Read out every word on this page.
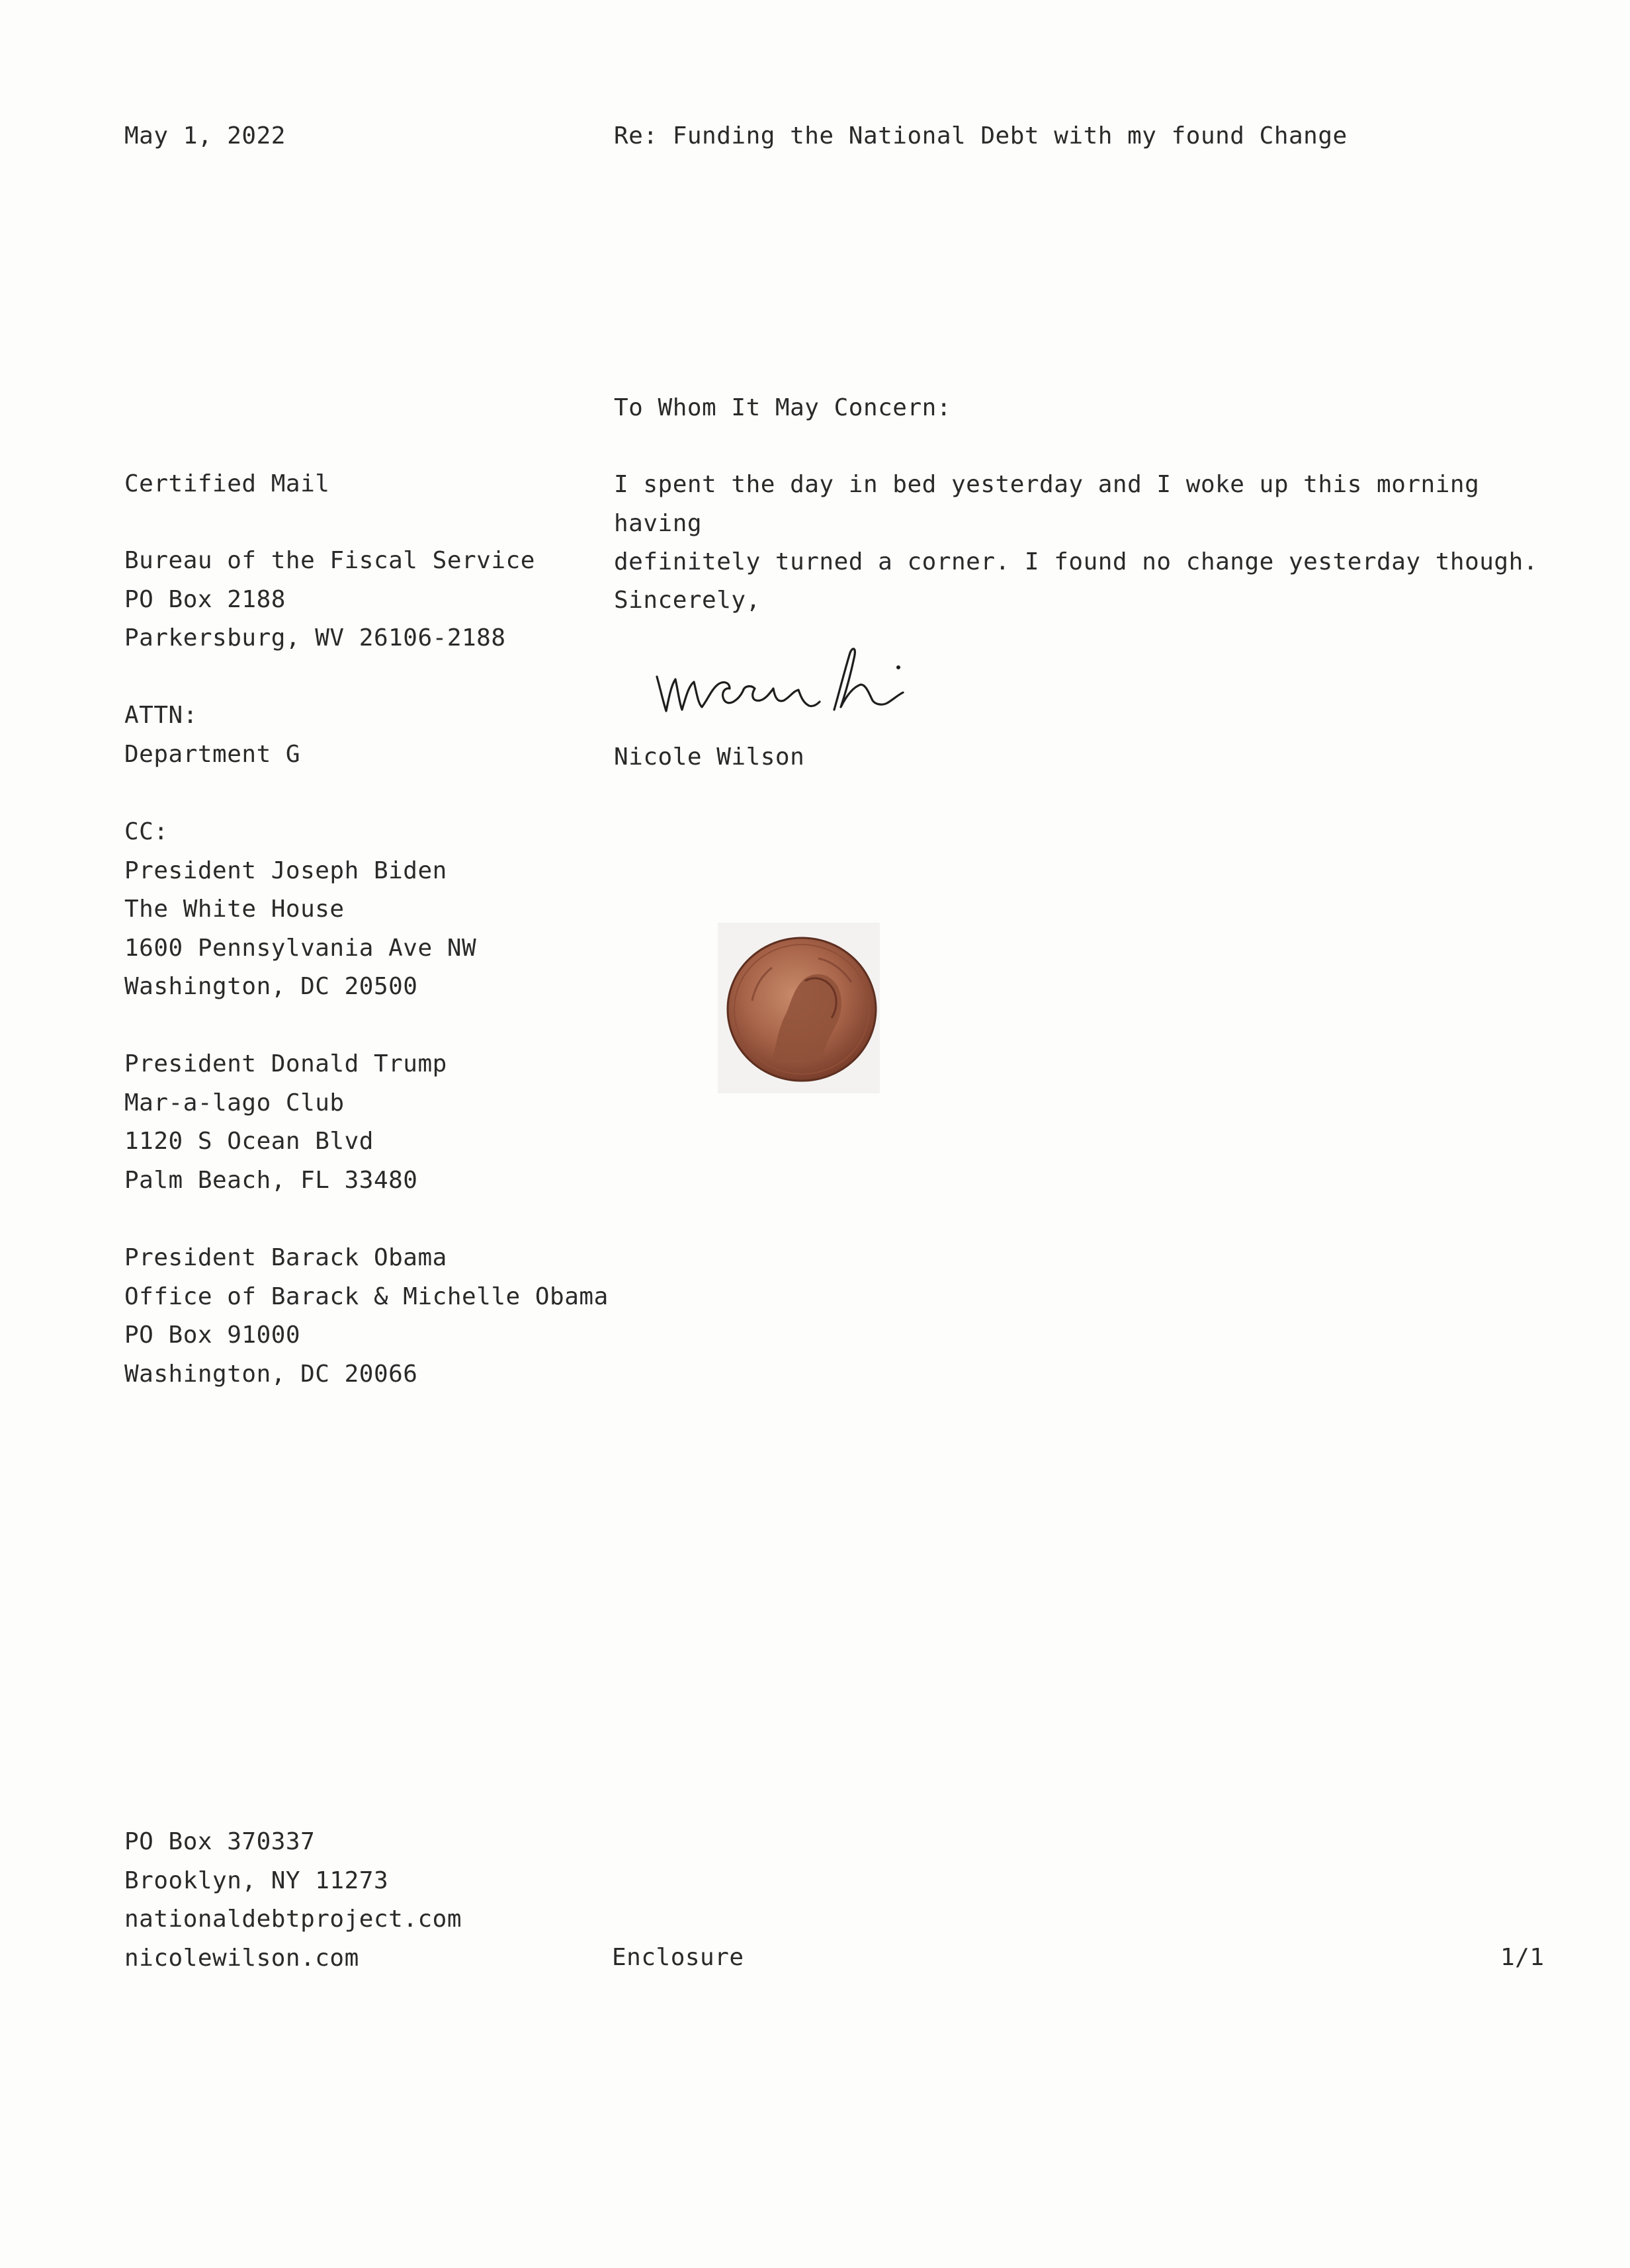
May 1, 2022	Re: Funding the National Debt with my found Change
To Whom It May Concern:
Certified Mail
Bureau of the Fiscal Service
PO Box 2188
Parkersburg, WV 26106-2188
ATTN:
Department G
I spent the day in bed yesterday and I woke up this morning having
definitely turned a corner. I found no change yesterday though.
Sincerely,
Nicole Wilson
CC:
President Joseph Biden
The White House
1600 Pennsylvania Ave NW
Washington, DC 20500
President Donald Trump
Mar-a-lago Club
1120 S Ocean Blvd
Palm Beach, FL 33480
President Barack Obama
Office of Barack & Michelle Obama
PO Box 91000
Washington, DC 20066
PO Box 370337
Brooklyn, NY 11273
nationaldebtproject.com
nicolewilson.com	Enclosure	1/1
